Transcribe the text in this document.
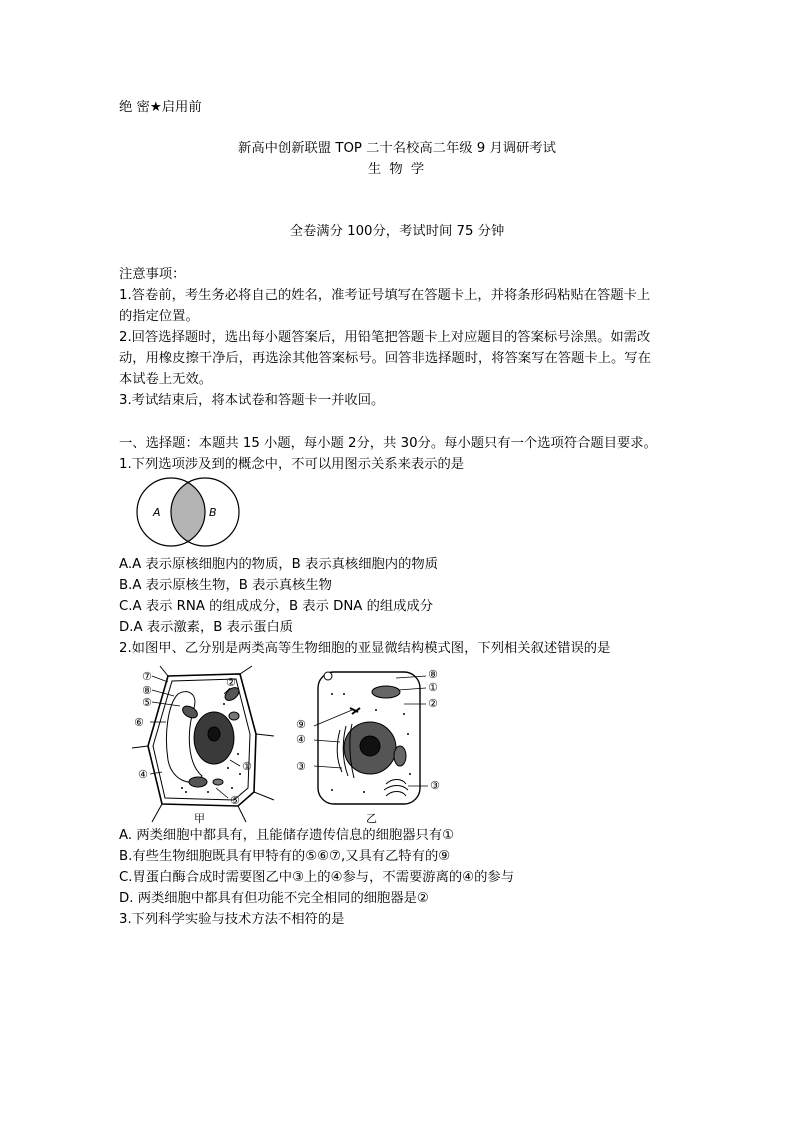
绝 密★启用前
新高中创新联盟 TOP 二十名校高二年级 9 月调研考试
生 物 学
全卷满分 100分，考试时间 75 分钟
注意事项：
1.答卷前，考生务必将自己的姓名，准考证号填写在答题卡上，并将条形码粘贴在答题卡上
的指定位置。
2.回答选择题时，选出每小题答案后，用铅笔把答题卡上对应题目的答案标号涂黑。如需改
动，用橡皮擦干净后，再选涂其他答案标号。回答非选择题时，将答案写在答题卡上。写在
本试卷上无效。
3.考试结束后，将本试卷和答题卡一并收回。
一、选择题：本题共 15 小题，每小题 2分，共 30分。每小题只有一个选项符合题目要求。
1.下列选项涉及到的概念中，不可以用图示关系来表示的是
A	B
A.A 表示原核细胞内的物质，B 表示真核细胞内的物质
B.A 表示原核生物，B 表示真核生物
C.A 表示 RNA 的组成成分，B 表示 DNA 的组成成分
D.A 表示激素，B 表示蛋白质
2.如图甲、乙分别是两类高等生物细胞的亚显微结构模式图，下列相关叙述错误的是
⑦
⑧
⑤
⑥
④
②
①
⑤
甲
⑧
①
②
⑨
④
③
③
乙
A. 两类细胞中都具有，且能储存遗传信息的细胞器只有①
B.有些生物细胞既具有甲特有的⑤⑥⑦,又具有乙特有的⑨
C.胃蛋白酶合成时需要图乙中③上的④参与，不需要游离的④的参与
D. 两类细胞中都具有但功能不完全相同的细胞器是②
3.下列科学实验与技术方法不相符的是
